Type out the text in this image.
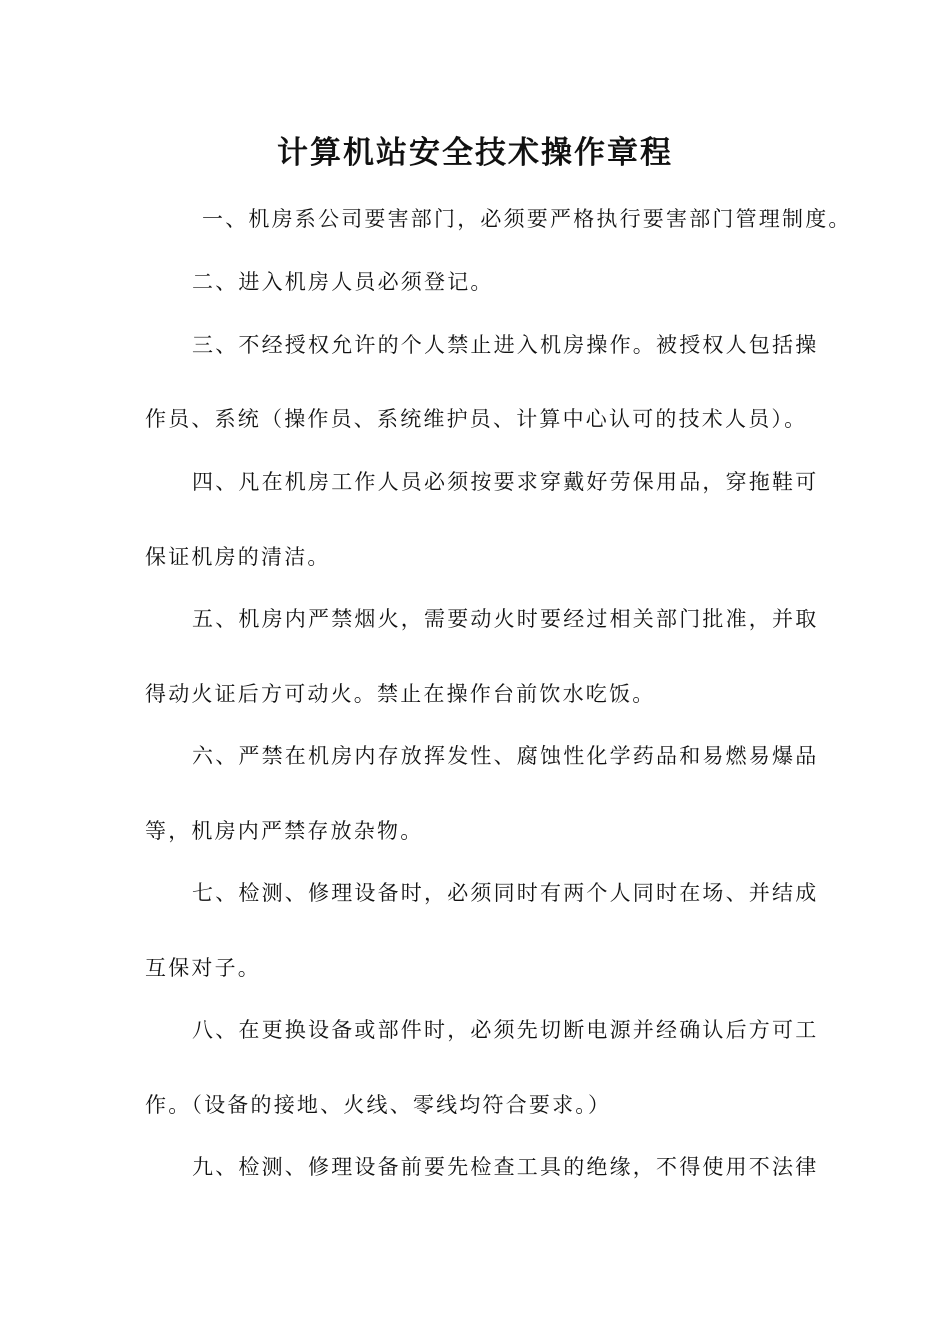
计算机站安全技术操作章程
一、机房系公司要害部门，必须要严格执行要害部门管理制度。
二、进入机房人员必须登记。
三、不经授权允许的个人禁止进入机房操作。被授权人包括操
作员、系统（操作员、系统维护员、计算中心认可的技术人员）。
四、凡在机房工作人员必须按要求穿戴好劳保用品，穿拖鞋可
保证机房的清洁。
五、机房内严禁烟火，需要动火时要经过相关部门批准，并取
得动火证后方可动火。禁止在操作台前饮水吃饭。
六、严禁在机房内存放挥发性、腐蚀性化学药品和易燃易爆品
等，机房内严禁存放杂物。
七、检测、修理设备时，必须同时有两个人同时在场、并结成
互保对子。
八、在更换设备或部件时，必须先切断电源并经确认后方可工
作。（设备的接地、火线、零线均符合要求。）
九、检测、修理设备前要先检查工具的绝缘，不得使用不法律
